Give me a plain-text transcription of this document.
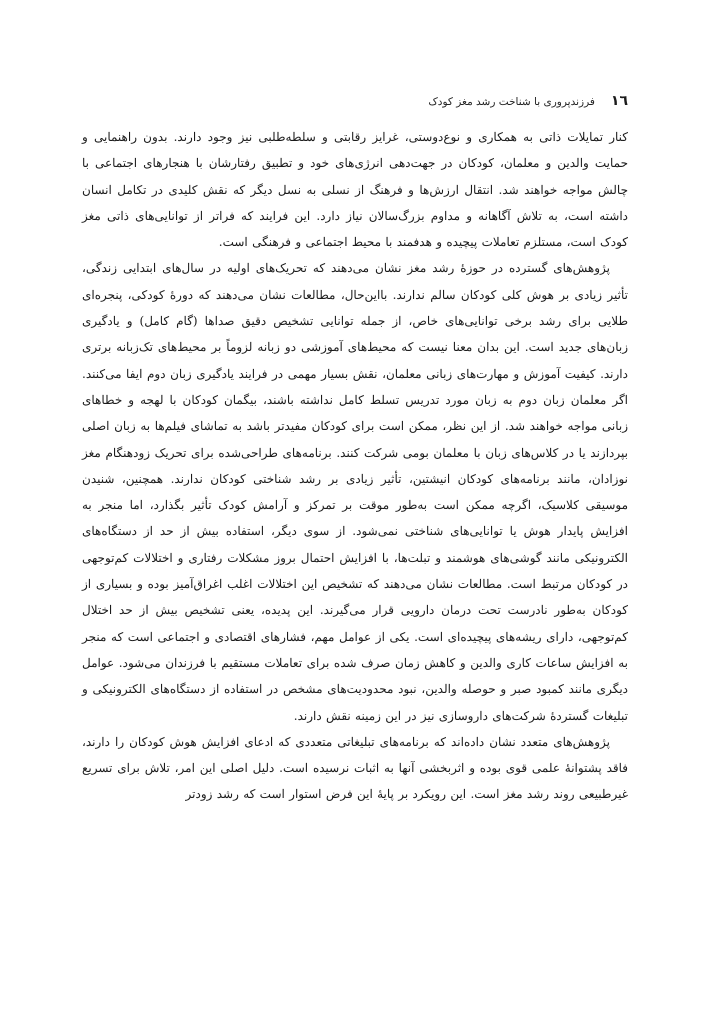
١٦
فرزندپروری با شناخت رشد مغز کودک

کنار تمایلات ذاتی به همکاری و نوع‌دوستی، غرایز رقابتی و سلطه‌طلبی نیز وجود دارند. بدون راهنمایی و حمایت والدین و معلمان، کودکان در جهت‌دهی انرژی‌های خود و تطبیق رفتارشان با هنجارهای اجتماعی با چالش مواجه خواهند شد. انتقال ارزش‌ها و فرهنگ از نسلی به نسل دیگر که نقش کلیدی در تکامل انسان داشته است، به تلاش آگاهانه و مداوم بزرگ‌سالان نیاز دارد. این فرایند که فراتر از توانایی‌های ذاتی مغز کودک است، مستلزم تعاملات پیچیده و هدفمند با محیط اجتماعی و فرهنگی است.

پژوهش‌های گسترده در حوزهٔ رشد مغز نشان می‌دهند که تحریک‌های اولیه در سال‌های ابتدایی زندگی، تأثیر زیادی بر هوش کلی کودکان سالم ندارند. بااین‌حال، مطالعات نشان می‌دهند که دورهٔ کودکی، پنجره‌ای طلایی برای رشد برخی توانایی‌های خاص، از جمله توانایی تشخیص دقیق صداها (گام کامل) و یادگیری زبان‌های جدید است. این بدان معنا نیست که محیط‌های آموزشی دو زبانه لزوماً بر محیط‌های تک‌زبانه برتری دارند. کیفیت آموزش و مهارت‌های زبانی معلمان، نقش بسیار مهمی در فرایند یادگیری زبان دوم ایفا می‌کنند. اگر معلمان زبان دوم به زبان مورد تدریس تسلط کامل نداشته باشند، بیگمان کودکان با لهجه و خطاهای زبانی مواجه خواهند شد. از این نظر، ممکن است برای کودکان مفیدتر باشد به تماشای فیلم‌ها به زبان اصلی بپردازند یا در کلاس‌های زبان با معلمان بومی شرکت کنند. برنامه‌های طراحی‌شده برای تحریک زودهنگام مغز نوزادان، مانند برنامه‌های کودکان انیشتین، تأثیر زیادی بر رشد شناختی کودکان ندارند. همچنین، شنیدن موسیقی کلاسیک، اگرچه ممکن است به‌طور موقت بر تمرکز و آرامش کودک تأثیر بگذارد، اما منجر به افزایش پایدار هوش یا توانایی‌های شناختی نمی‌شود. از سوی دیگر، استفاده بیش از حد از دستگاه‌های الکترونیکی مانند گوشی‌های هوشمند و تبلت‌ها، با افزایش احتمال بروز مشکلات رفتاری و اختلالات کم‌توجهی در کودکان مرتبط است. مطالعات نشان می‌دهند که تشخیص این اختلالات اغلب اغراق‌آمیز بوده و بسیاری از کودکان به‌طور نادرست تحت درمان دارویی قرار می‌گیرند. این پدیده، یعنی تشخیص بیش از حد اختلال کم‌توجهی، دارای ریشه‌های پیچیده‌ای است. یکی از عوامل مهم، فشارهای اقتصادی و اجتماعی است که منجر به افزایش ساعات کاری والدین و کاهش زمان صرف شده برای تعاملات مستقیم با فرزندان می‌شود. عوامل دیگری مانند کمبود صبر و حوصله والدین، نبود محدودیت‌های مشخص در استفاده از دستگاه‌های الکترونیکی و تبلیغات گستردهٔ شرکت‌های داروسازی نیز در این زمینه نقش دارند.

پژوهش‌های متعدد نشان داده‌اند که برنامه‌های تبلیغاتی متعددی که ادعای افزایش هوش کودکان را دارند، فاقد پشتوانهٔ علمی قوی بوده و اثربخشی آنها به اثبات نرسیده است. دلیل اصلی این امر، تلاش برای تسریع غیرطبیعی روند رشد مغز است. این رویکرد بر پایهٔ این فرض استوار است که رشد زودتر
